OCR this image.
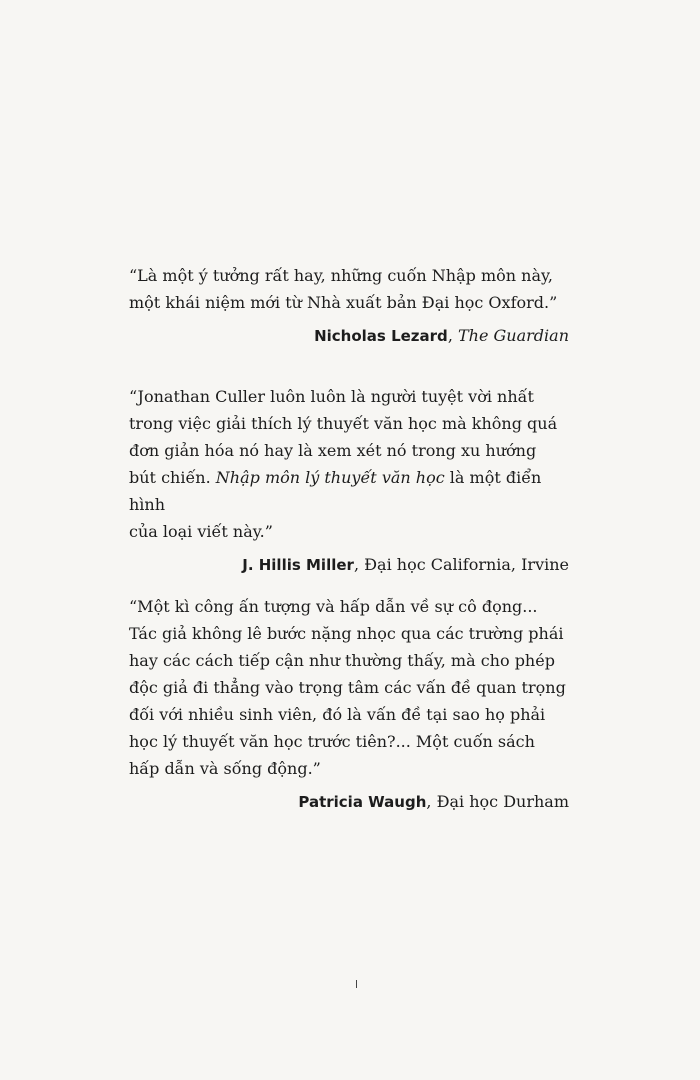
“Là một ý tưởng rất hay, những cuốn Nhập môn này,
một khái niệm mới từ Nhà xuất bản Đại học Oxford.”

Nicholas Lezard, The Guardian

“Jonathan Culler luôn luôn là người tuyệt vời nhất
trong việc giải thích lý thuyết văn học mà không quá
đơn giản hóa nó hay là xem xét nó trong xu hướng
bút chiến. Nhập môn lý thuyết văn học là một điển hình
của loại viết này.”

J. Hillis Miller, Đại học California, Irvine

“Một kì công ấn tượng và hấp dẫn về sự cô đọng...
Tác giả không lê bước nặng nhọc qua các trường phái
hay các cách tiếp cận như thường thấy, mà cho phép
độc giả đi thẳng vào trọng tâm các vấn đề quan trọng
đối với nhiều sinh viên, đó là vấn đề tại sao họ phải
học lý thuyết văn học trước tiên?... Một cuốn sách
hấp dẫn và sống động.”

Patricia Waugh, Đại học Durham
